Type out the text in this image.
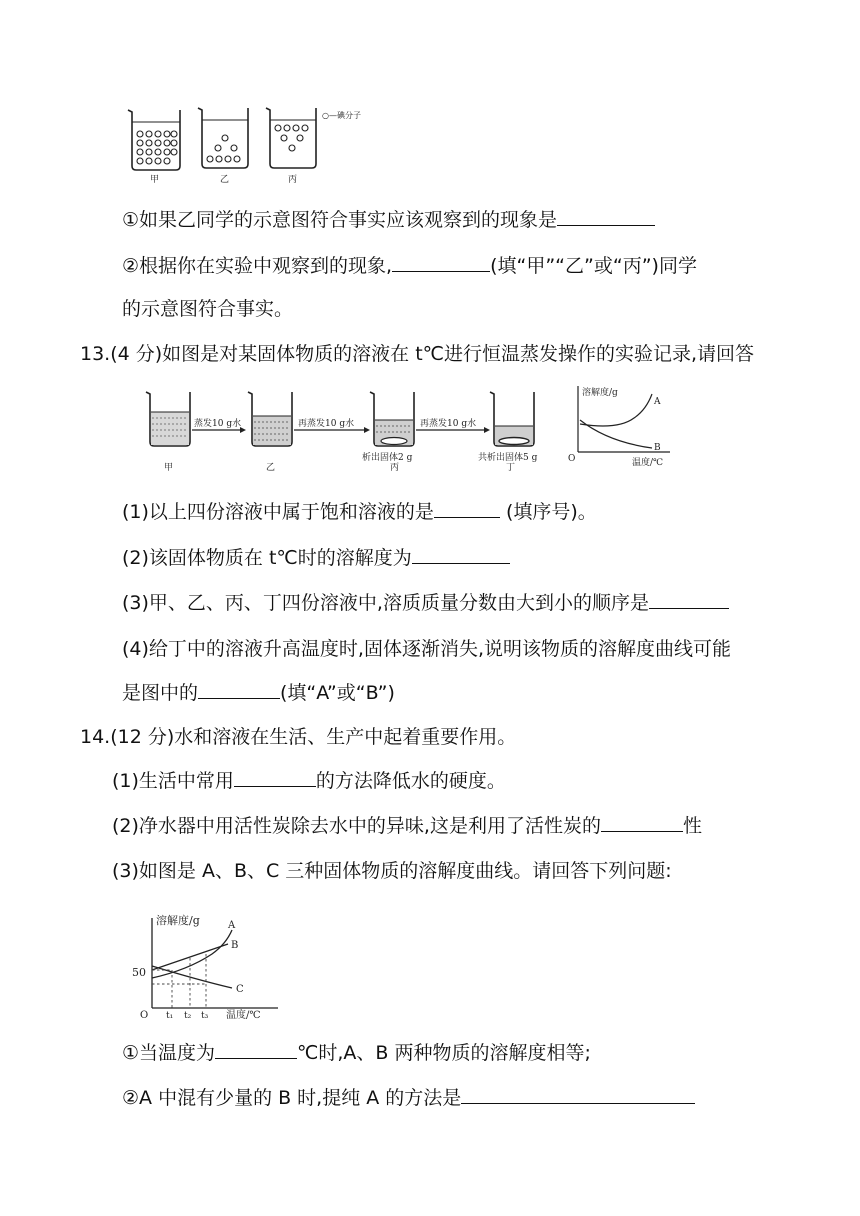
○—碘分子
甲	乙	丙
①如果乙同学的示意图符合事实应该观察到的现象是
②根据你在实验中观察到的现象,	(填“甲”“乙”或“丙”)同学
的示意图符合事实。
13.(4 分)如图是对某固体物质的溶液在 t℃进行恒温蒸发操作的实验记录,请回答
蒸发10 g水	再蒸发10 g水
析出固体2 g
再蒸发10 g水
共析出固体5 g
甲	乙	丙	丁
溶解度/g
温度/℃
O
A
B
(1)以上四份溶液中属于饱和溶液的是	(填序号)。
(2)该固体物质在 t℃时的溶解度为
(3)甲、乙、丙、丁四份溶液中,溶质质量分数由大到小的顺序是
(4)给丁中的溶液升高温度时,固体逐渐消失,说明该物质的溶解度曲线可能
是图中的	(填“A”或“B”)
14.(12 分)水和溶液在生活、生产中起着重要作用。
(1)生活中常用	的方法降低水的硬度。
(2)净水器中用活性炭除去水中的异味,这是利用了活性炭的	性
(3)如图是 A、B、C 三种固体物质的溶解度曲线。请回答下列问题:
溶解度/g
温度/℃
O
50
t₁ t₂ t₃
A
B
C
①当温度为	℃时,A、B 两种物质的溶解度相等;
②A 中混有少量的 B 时,提纯 A 的方法是
